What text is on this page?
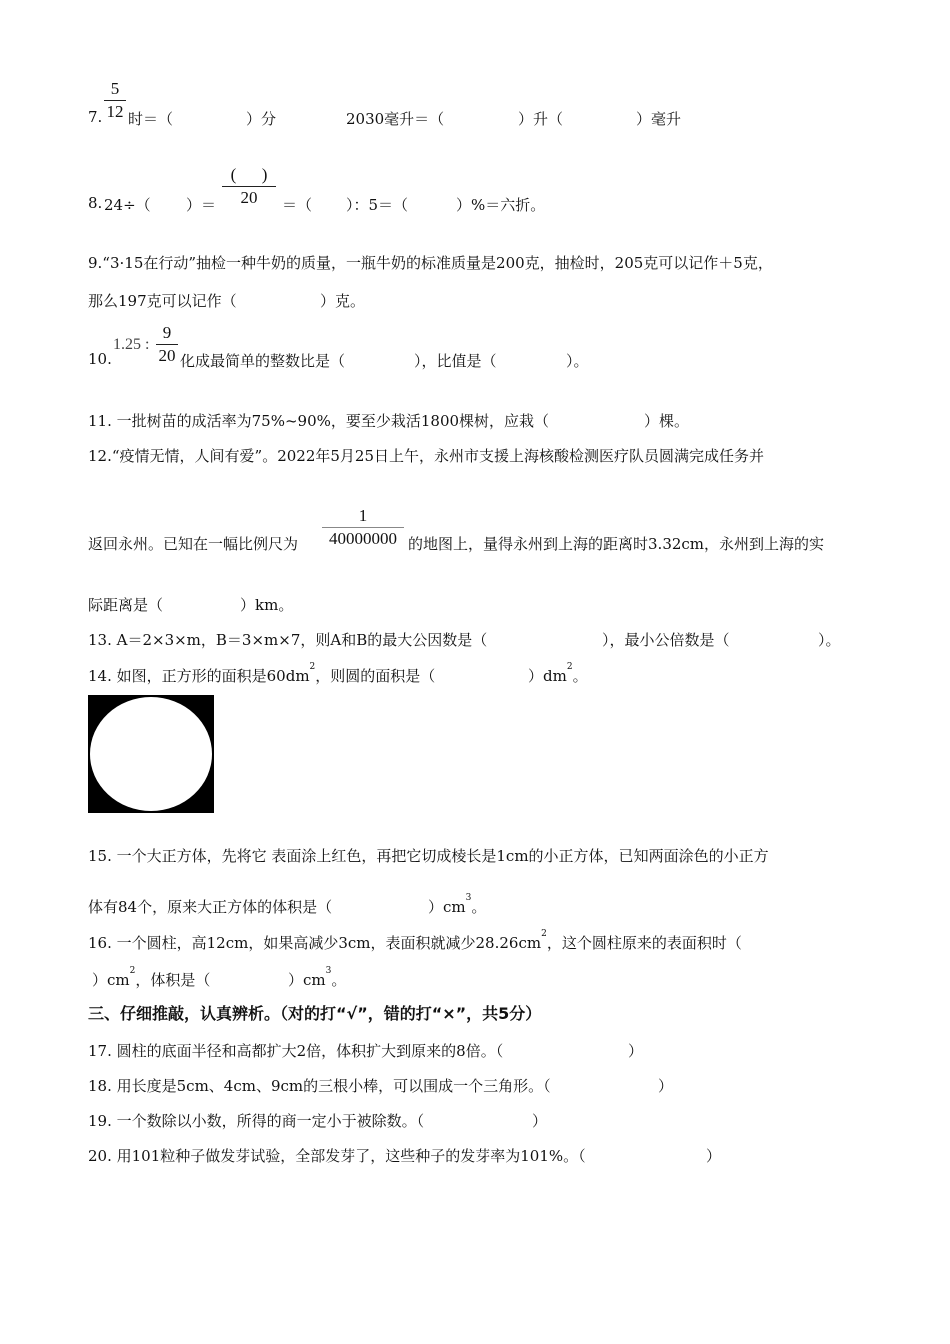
7.
5
12 时＝（	）分	2030毫升＝（	）升（	）毫升
8. 24÷（ ）＝
(      )
20	＝（ ）：5＝（	）%＝六折。
9.“3·15在行动”抽检一种牛奶的质量，一瓶牛奶的标准质量是200克，抽检时，205克可以记作＋5克，
那么197克可以记作（	）克。
10.
1.25 :
9
20 化成最简单的整数比是（	），比值是（	）。
11. 一批树苗的成活率为75%~90%，要至少栽活1800棵树，应栽（	）棵。
12.“疫情无情，人间有爱”。2022年5月25日上午，永州市支援上海核酸检测医疗队员圆满完成任务并
返回永州。已知在一幅比例尺为
1
40000000 的地图上，量得永州到上海的距离时3.32cm，永州到上海的实
际距离是（	）km。
13. A＝2×3×m，B＝3×m×7，则A和B的最大公因数是（	），最小公倍数是（	）。
14. 如图，正方形的面积是$60dm^2$，则圆的面积是（	）$dm^2$。
15. 一个大正方体，先将它 表面涂上红色，再把它切成棱长是1cm的小正方体，已知两面涂色的小正方
体有84个，原来大正方体的体积是（	）$cm^3$。
16. 一个圆柱，高12cm，如果高减少3cm，表面积就减少$28.26cm^2$，这个圆柱原来的表面积时（
）$cm^2$，体积是（	）$cm^3$。
三、仔细推敲，认真辨析。（对的打“√”，错的打“×”，共5分）
17. 圆柱的底面半径和高都扩大2倍，体积扩大到原来的8倍。（	）
18. 用长度是5cm、4cm、9cm的三根小棒，可以围成一个三角形。（	）
19. 一个数除以小数，所得的商一定小于被除数。（	）
20. 用101粒种子做发芽试验，全部发芽了，这些种子的发芽率为101%。（	）
